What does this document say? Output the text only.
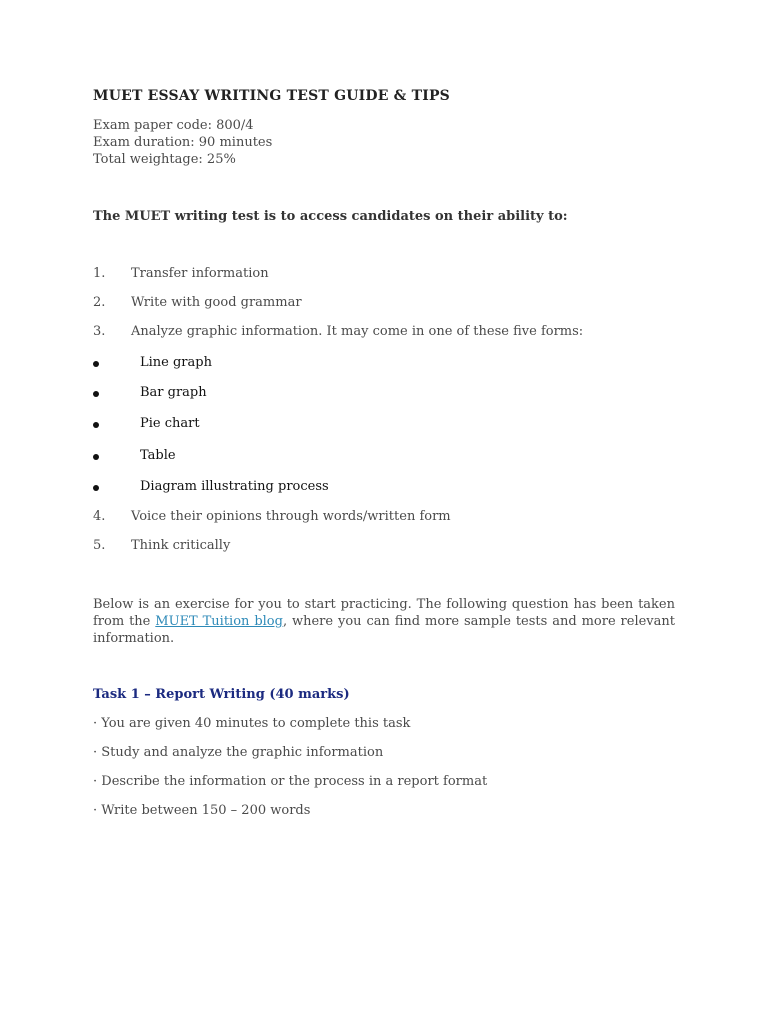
MUET ESSAY WRITING TEST GUIDE & TIPS
Exam paper code: 800/4
Exam duration: 90 minutes
Total weightage: 25%
The MUET writing test is to access candidates on their ability to:
1. Transfer information
2. Write with good grammar
3. Analyze graphic information. It may come in one of these five forms:
Line graph
Bar graph
Pie chart
Table
Diagram illustrating process
4. Voice their opinions through words/written form
5. Think critically
Below is an exercise for you to start practicing. The following question has been taken from the MUET Tuition blog, where you can find more sample tests and more relevant information.
Task 1 – Report Writing (40 marks)
· You are given 40 minutes to complete this task
· Study and analyze the graphic information
· Describe the information or the process in a report format
· Write between 150 – 200 words
